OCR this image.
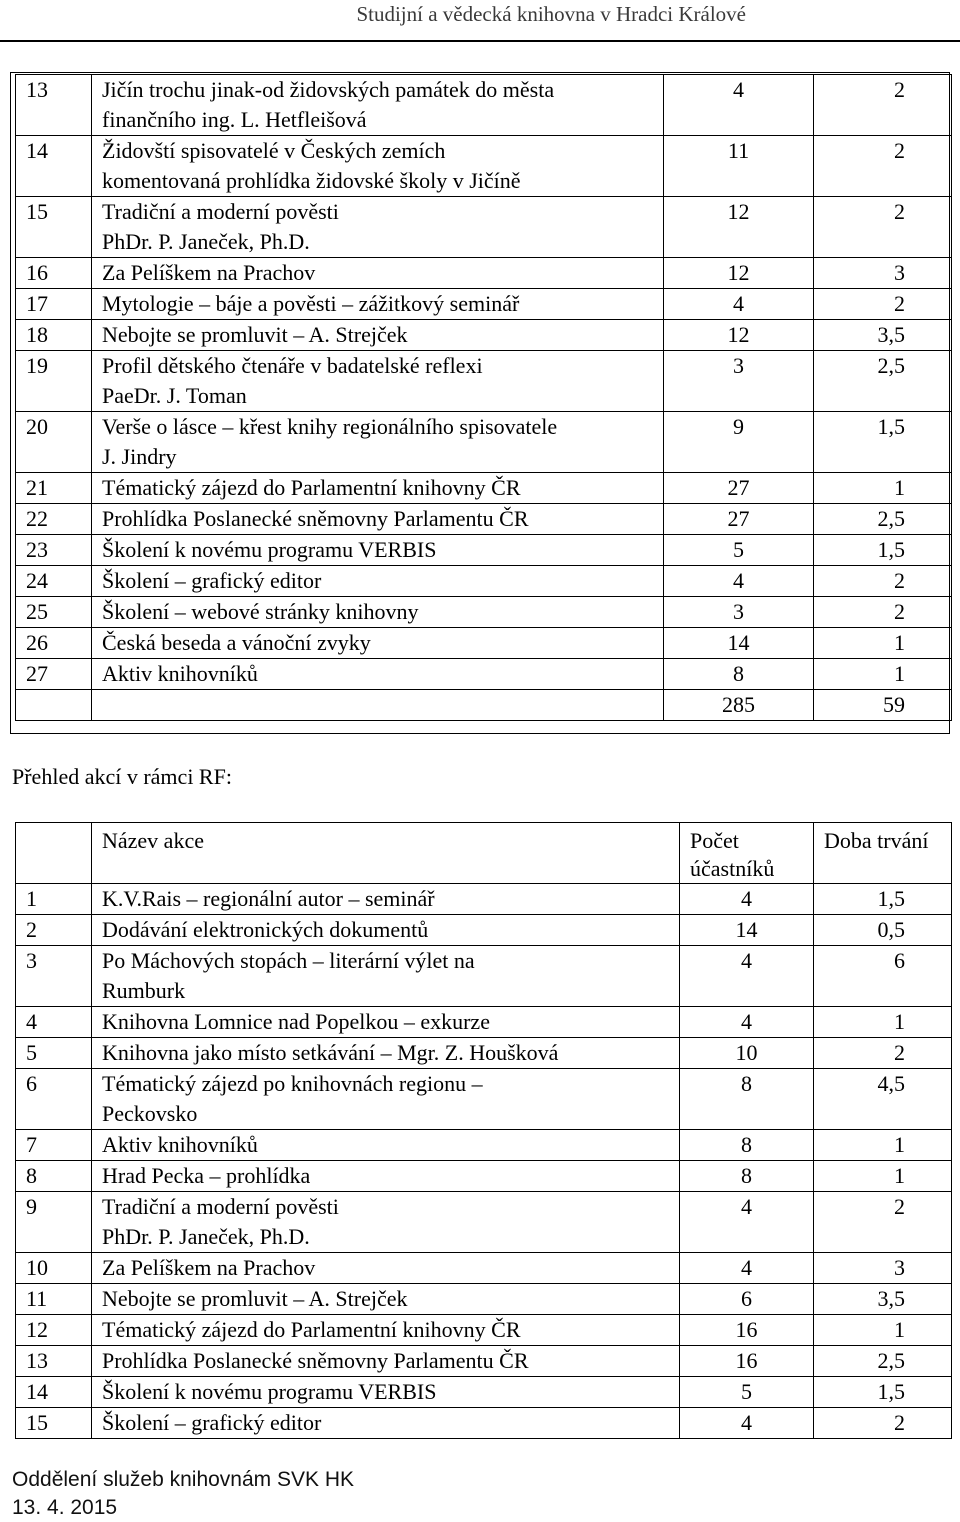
Studijní a vědecká knihovna v Hradci Králové
13	Jičín trochu jinak-od židovských památek do města
finančního ing. L. Hetfleišová	4	2
14	Židovští spisovatelé v Českých zemích
komentovaná prohlídka židovské školy v Jičíně	11	2
15	Tradiční a moderní pověsti
PhDr. P. Janeček, Ph.D.	12	2
16	Za Pelíškem na Prachov	12	3
17	Mytologie – báje a pověsti – zážitkový seminář	4	2
18	Nebojte se promluvit – A. Strejček	12	3,5
19	Profil dětského čtenáře v badatelské reflexi
PaeDr. J. Toman	3	2,5
20	Verše o lásce – křest knihy regionálního spisovatele
J. Jindry	9	1,5
21	Tématický zájezd do Parlamentní knihovny ČR	27	1
22	Prohlídka Poslanecké sněmovny Parlamentu ČR	27	2,5
23	Školení k novému programu VERBIS	5	1,5
24	Školení – grafický editor	4	2
25	Školení – webové stránky knihovny	3	2
26	Česká beseda a vánoční zvyky	14	1
27	Aktiv knihovníků	8	1
		285	59
Přehled akcí v rámci RF:
	Název akce	Počet účastníků	Doba trvání
1	K.V.Rais – regionální autor – seminář	4	1,5
2	Dodávání elektronických dokumentů	14	0,5
3	Po Máchových stopách – literární výlet na
Rumburk	4	6
4	Knihovna Lomnice nad Popelkou – exkurze	4	1
5	Knihovna jako místo setkávání – Mgr. Z. Houšková	10	2
6	Tématický zájezd po knihovnách regionu –
Peckovsko	8	4,5
7	Aktiv knihovníků	8	1
8	Hrad Pecka – prohlídka	8	1
9	Tradiční a moderní pověsti
PhDr. P. Janeček, Ph.D.	4	2
10	Za Pelíškem na Prachov	4	3
11	Nebojte se promluvit – A. Strejček	6	3,5
12	Tématický zájezd do Parlamentní knihovny ČR	16	1
13	Prohlídka Poslanecké sněmovny Parlamentu ČR	16	2,5
14	Školení k novému programu VERBIS	5	1,5
15	Školení – grafický editor	4	2
Oddělení služeb knihovnám SVK HK
13. 4. 2015
